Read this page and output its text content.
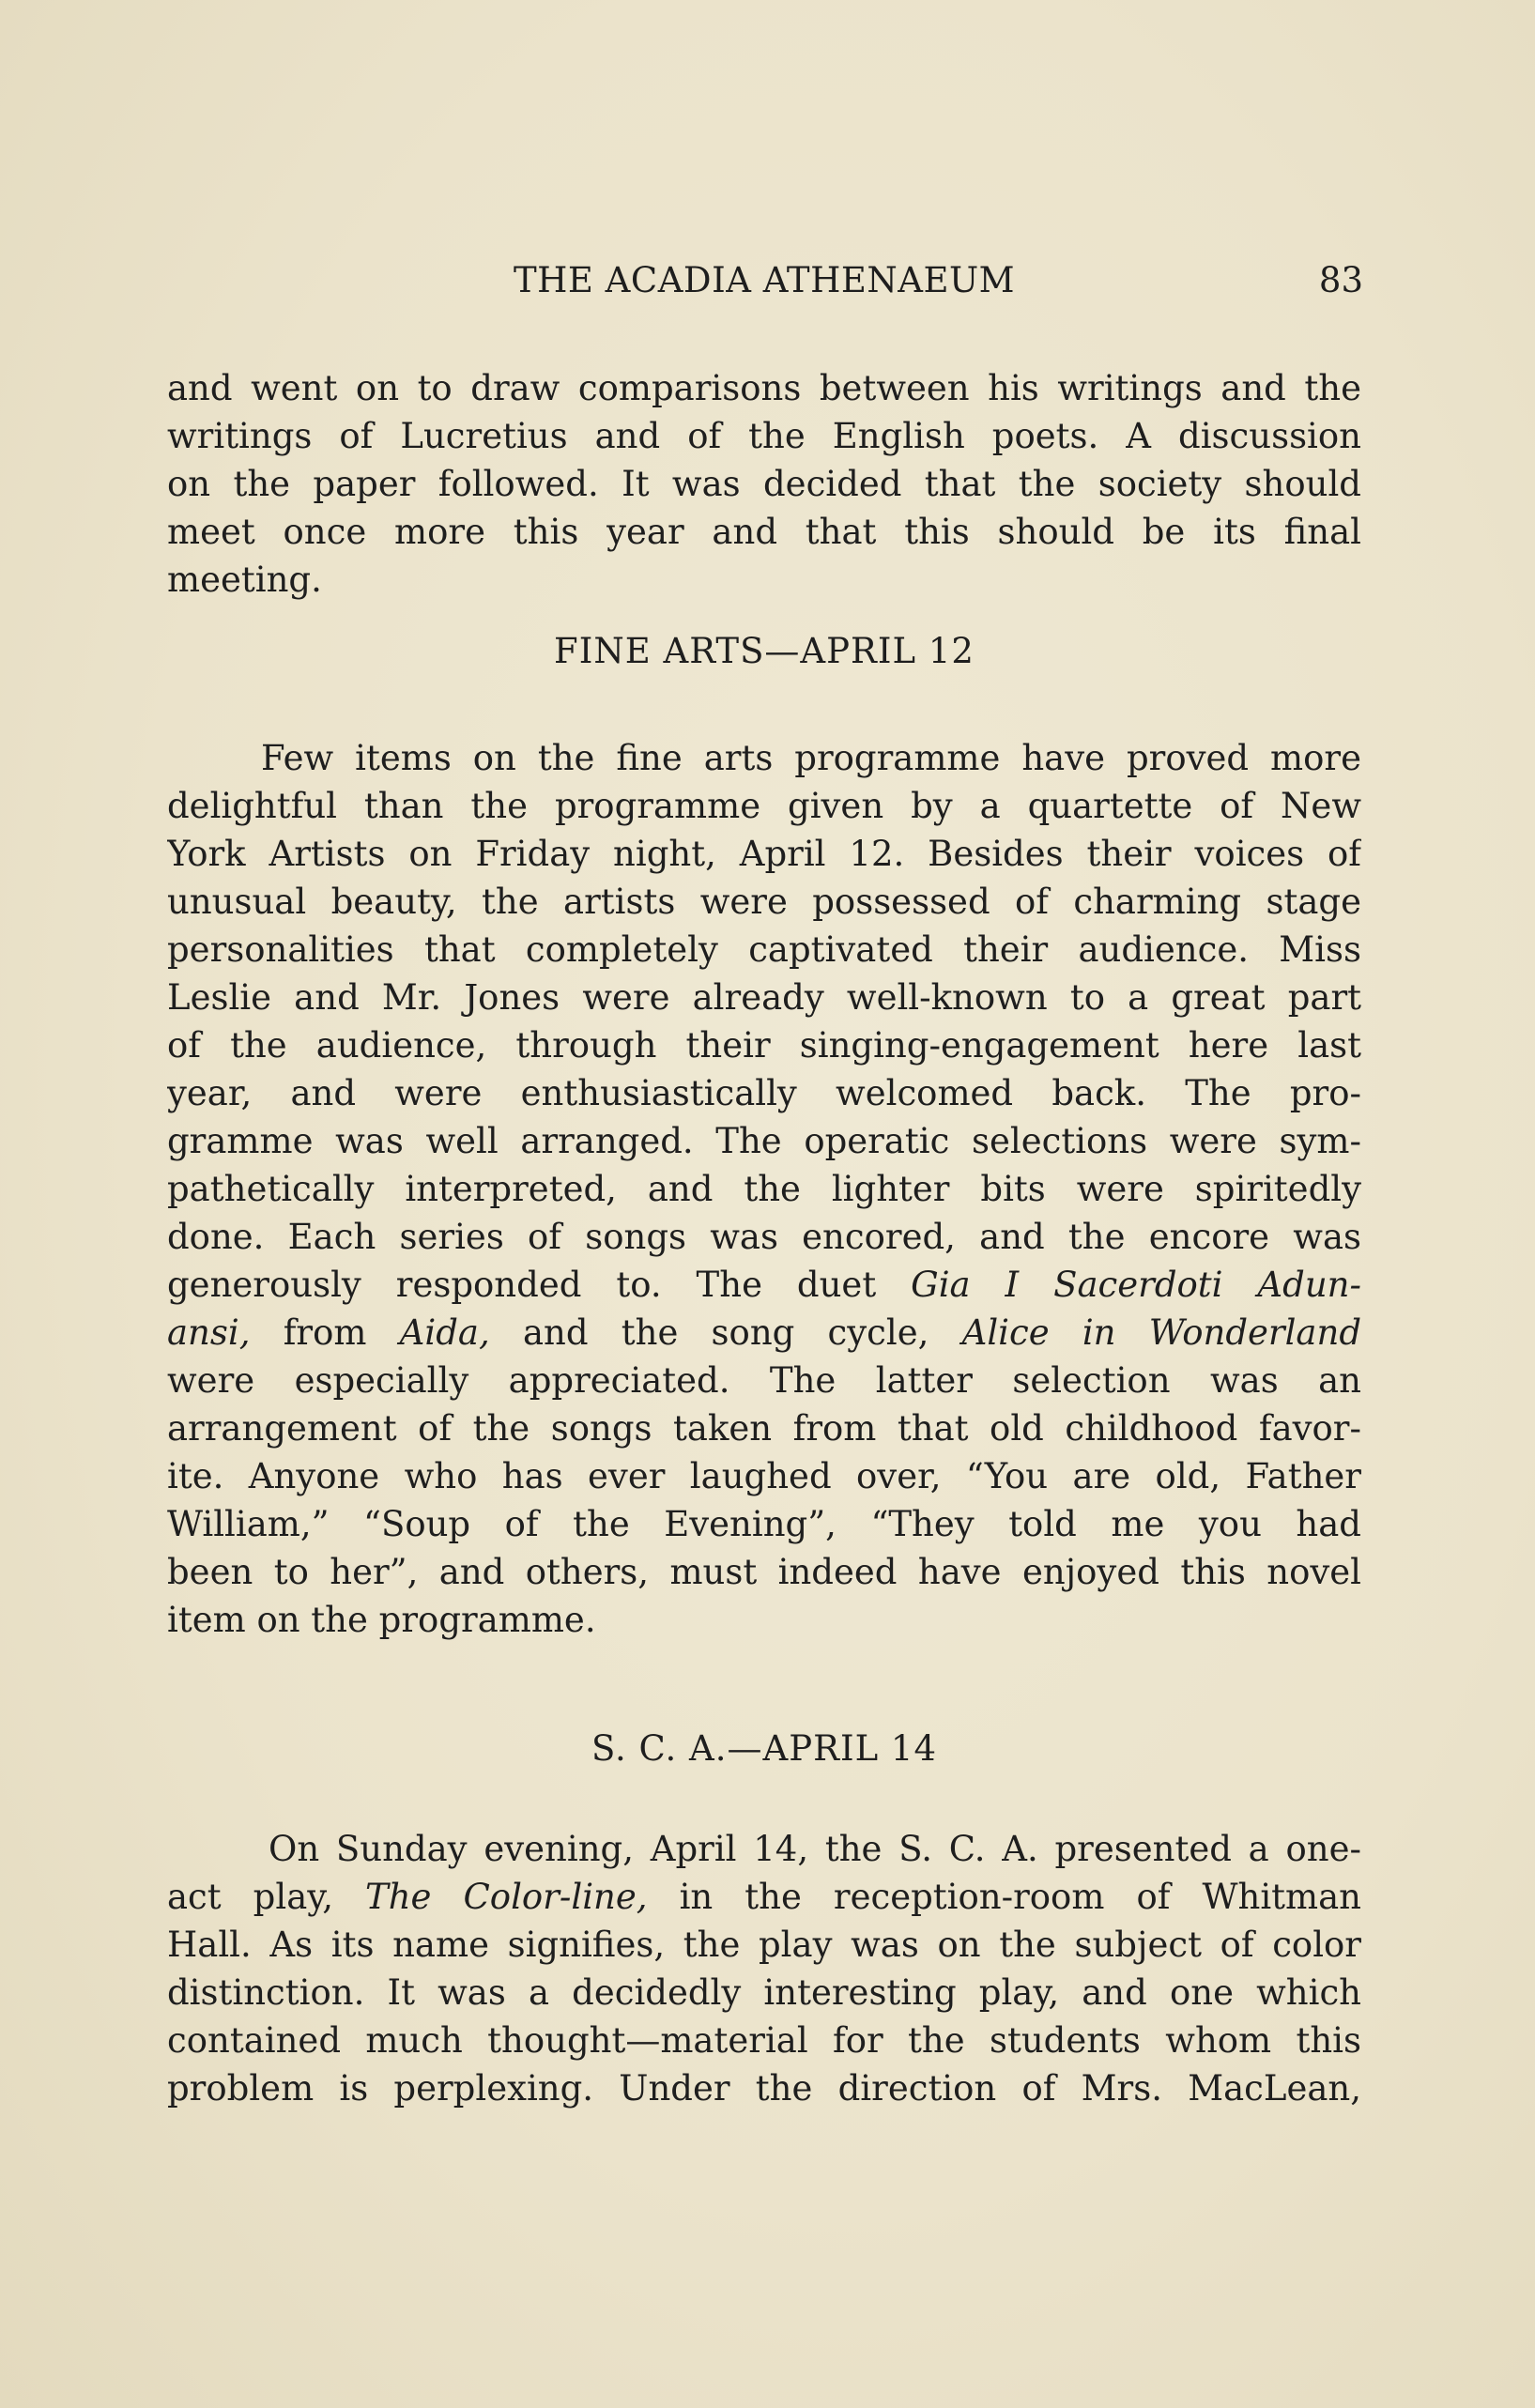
THE ACADIA ATHENAEUM	83
and went on to draw comparisons between his writings and the
writings of Lucretius and of the English poets. A discussion
on the paper followed. It was decided that the society should
meet once more this year and that this should be its final
meeting.
FINE ARTS—APRIL 12
Few items on the fine arts programme have proved more
delightful than the programme given by a quartette of New
York Artists on Friday night, April 12. Besides their voices of
unusual beauty, the artists were possessed of charming stage
personalities that completely captivated their audience. Miss
Leslie and Mr. Jones were already well-known to a great part
of the audience, through their singing-engagement here last
year, and were enthusiastically welcomed back. The pro-
gramme was well arranged. The operatic selections were sym-
pathetically interpreted, and the lighter bits were spiritedly
done. Each series of songs was encored, and the encore was
generously responded to. The duet Gia I Sacerdoti Adun-
ansi, from Aida, and the song cycle, Alice in Wonderland
were especially appreciated. The latter selection was an
arrangement of the songs taken from that old childhood favor-
ite. Anyone who has ever laughed over, “You are old, Father
William,” “Soup of the Evening”, “They told me you had
been to her”, and others, must indeed have enjoyed this novel
item on the programme.
S. C. A.—APRIL 14
On Sunday evening, April 14, the S. C. A. presented a one-
act play, The Color-line, in the reception-room of Whitman
Hall. As its name signifies, the play was on the subject of color
distinction. It was a decidedly interesting play, and one which
contained much thought—material for the students whom this
problem is perplexing. Under the direction of Mrs. MacLean,
